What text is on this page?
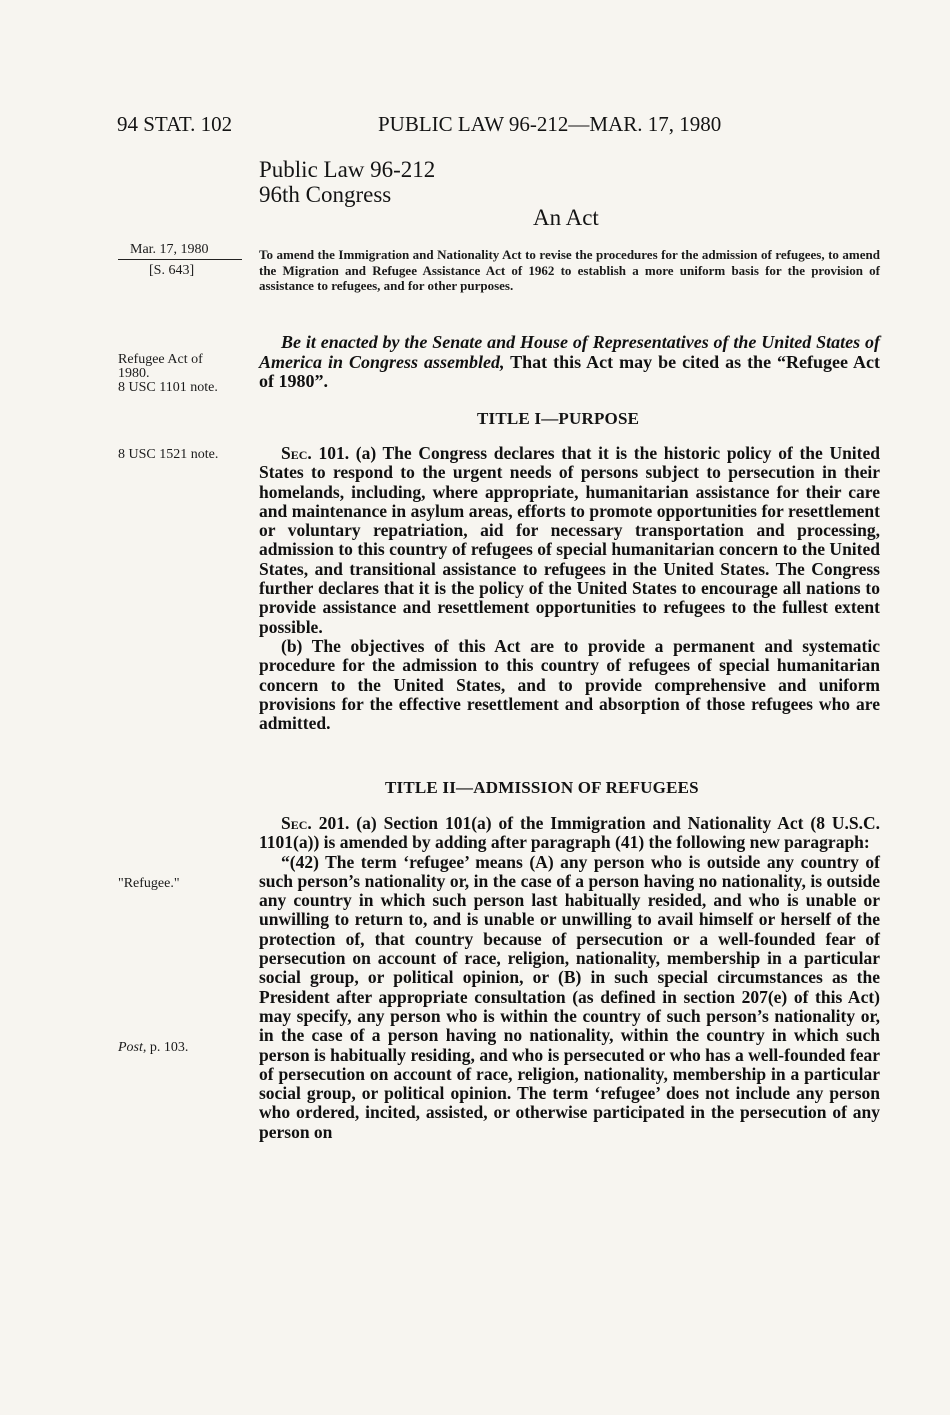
94 STAT. 102	PUBLIC LAW 96-212—MAR. 17, 1980
Public Law 96-212
96th Congress
An Act
Mar. 17, 1980
[S. 643]
To amend the Immigration and Nationality Act to revise the procedures for the admission of refugees, to amend the Migration and Refugee Assistance Act of 1962 to establish a more uniform basis for the provision of assistance to refugees, and for other purposes.
Refugee Act of
1980.
8 USC 1101 note.

Be it enacted by the Senate and House of Representatives of the United States of America in Congress assembled, That this Act may be cited as the “Refugee Act of 1980”.

TITLE I—PURPOSE
8 USC 1521 note.	Sec. 101. (a) The Congress declares that it is the historic policy of the United States to respond to the urgent needs of persons subject to persecution in their homelands, including, where appropriate, humanitarian assistance for their care and maintenance in asylum areas, efforts to promote opportunities for resettlement or voluntary repatriation, aid for necessary transportation and processing, admission to this country of refugees of special humanitarian concern to the United States, and transitional assistance to refugees in the United States. The Congress further declares that it is the policy of the United States to encourage all nations to provide assistance and resettlement opportunities to refugees to the fullest extent possible.

(b) The objectives of this Act are to provide a permanent and systematic procedure for the admission to this country of refugees of special humanitarian concern to the United States, and to provide comprehensive and uniform provisions for the effective resettlement and absorption of those refugees who are admitted.

TITLE II—ADMISSION OF REFUGEES

Sec. 201. (a) Section 101(a) of the Immigration and Nationality Act (8 U.S.C. 1101(a)) is amended by adding after paragraph (41) the following new paragraph:

“(42) The term ‘refugee’ means (A) any person who is outside any country of such person’s nationality or, in the case of a person having no nationality, is outside any country in which such person last habitually resided, and who is unable or unwilling to return to, and is unable or unwilling to avail himself or herself of the protection of, that country because of persecution or a well-founded fear of persecution on account of race, religion, nationality, membership in a particular social group, or political opinion, or (B) in such special circumstances as the President after appropriate consultation (as defined in section 207(e) of this Act) may specify, any person who is within the country of such person’s nationality or, in the case of a person having no nationality, within the country in which such person is habitually residing, and who is persecuted or who has a well-founded fear of persecution on account of race, religion, nationality, membership in a particular social group, or political opinion. The term ‘refugee’ does not include any person who ordered, incited, assisted, or otherwise participated in the persecution of any person on

"Refugee."
Post, p. 103.
